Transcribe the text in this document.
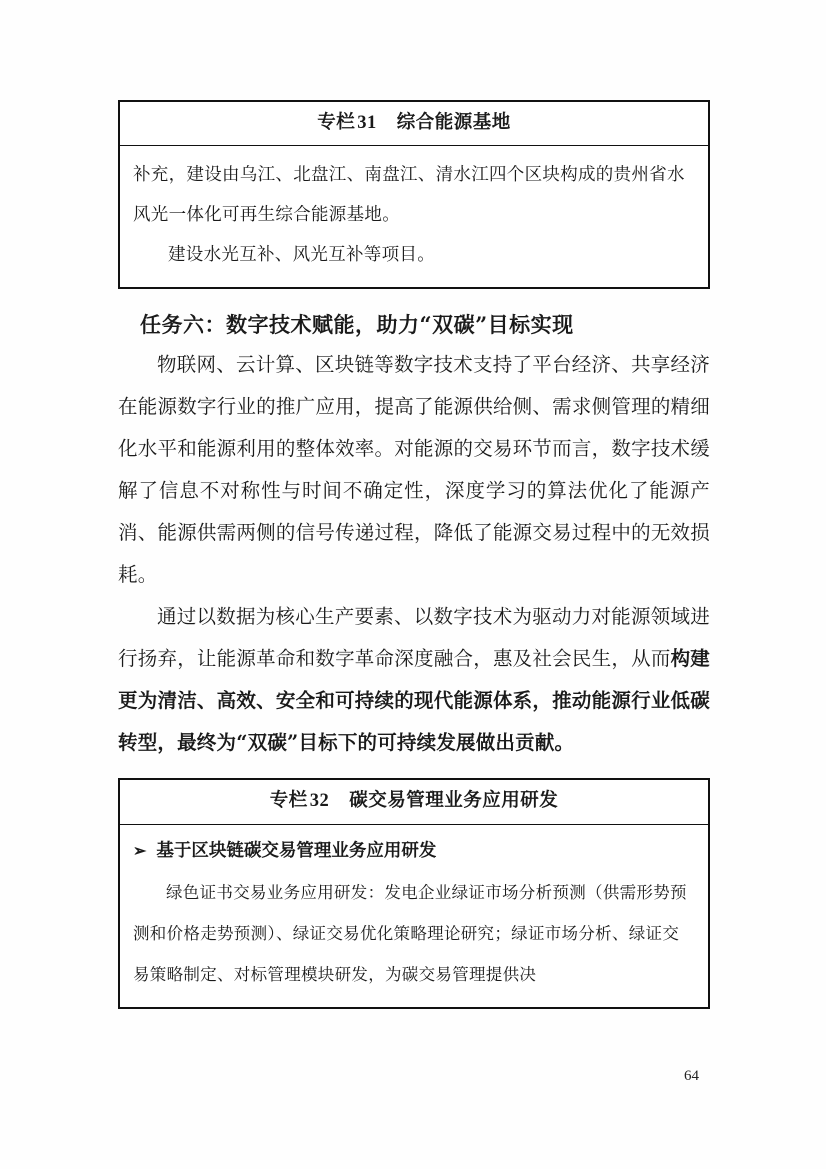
专栏 31 综合能源基地

补充，建设由乌江、北盘江、南盘江、清水江四个区块构成的贵州省水风光一体化可再生综合能源基地。

建设水光互补、风光互补等项目。

任务六：数字技术赋能，助力“双碳”目标实现

物联网、云计算、区块链等数字技术支持了平台经济、共享经济在能源数字行业的推广应用，提高了能源供给侧、需求侧管理的精细化水平和能源利用的整体效率。对能源的交易环节而言，数字技术缓解了信息不对称性与时间不确定性，深度学习的算法优化了能源产消、能源供需两侧的信号传递过程，降低了能源交易过程中的无效损耗。

通过以数据为核心生产要素、以数字技术为驱动力对能源领域进行扬弃，让能源革命和数字革命深度融合，惠及社会民生，从而构建更为清洁、高效、安全和可持续的现代能源体系，推动能源行业低碳转型，最终为“双碳”目标下的可持续发展做出贡献。

专栏 32 碳交易管理业务应用研发
➢ 基于区块链碳交易管理业务应用研发

绿色证书交易业务应用研发：发电企业绿证市场分析预测（供需形势预测和价格走势预测）、绿证交易优化策略理论研究；绿证市场分析、绿证交易策略制定、对标管理模块研发，为碳交易管理提供决

64
